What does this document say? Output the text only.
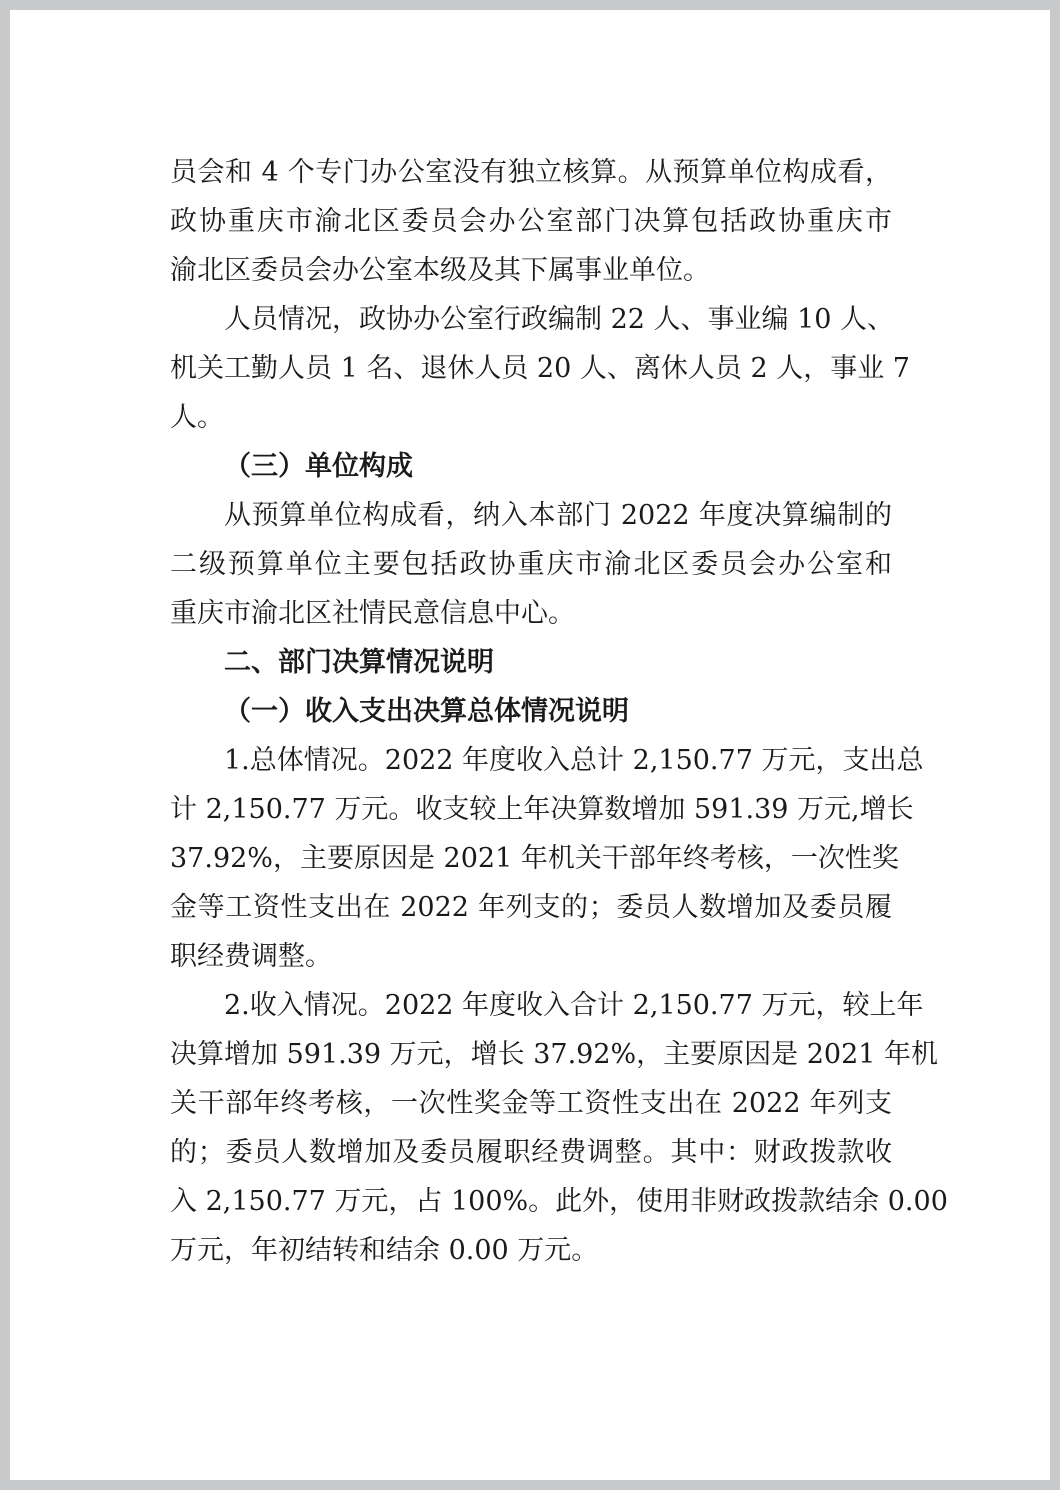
员会和 4 个专门办公室没有独立核算。从预算单位构成看，

政协重庆市渝北区委员会办公室部门决算包括政协重庆市

渝北区委员会办公室本级及其下属事业单位。

人员情况，政协办公室行政编制 22 人、事业编 10 人、

机关工勤人员 1 名、退休人员 20 人、离休人员 2 人，事业 7

人。

（三）单位构成

从预算单位构成看，纳入本部门 2022 年度决算编制的

二级预算单位主要包括政协重庆市渝北区委员会办公室和

重庆市渝北区社情民意信息中心。

二、部门决算情况说明

（一）收入支出决算总体情况说明

1.总体情况。2022 年度收入总计 2,150.77 万元，支出总

计 2,150.77 万元。收支较上年决算数增加 591.39 万元,增长

37.92%，主要原因是 2021 年机关干部年终考核，一次性奖

金等工资性支出在 2022 年列支的；委员人数增加及委员履

职经费调整。

2.收入情况。2022 年度收入合计 2,150.77 万元，较上年

决算增加 591.39 万元，增长 37.92%，主要原因是 2021 年机

关干部年终考核，一次性奖金等工资性支出在 2022 年列支

的；委员人数增加及委员履职经费调整。其中：财政拨款收

入 2,150.77 万元，占 100%。此外，使用非财政拨款结余 0.00

万元，年初结转和结余 0.00 万元。
